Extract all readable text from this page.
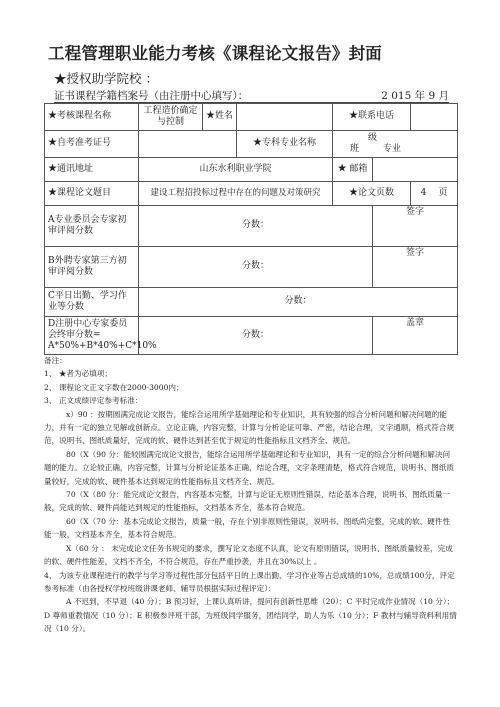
工程管理职业能力考核《课程论文报告》封面
★授权助学院校 ：
证书课程学籍档案号（由注册中心填写）：	2 015 年 9 月
★考核课程名称	工程造价确定与控制	★姓名		★联系电话		
★自考准考证号			★专科专业名称	级
班 专业		

★通讯地址	山东水利职业学院			★ 邮箱		
★课程论文题目	建设工程招投标过程中存在的问题及对策研究			★论文页数		4 页
A专业委员会专家初审评阅分数	分数：				签字	
B外聘专家第三方初审评阅分数	分数：				签字	
C平日出勤、学习作业等分数	分数：					
D注册中心专家委员会终审分数= A*50%+B*40%+C*10%	分数：				盖章	

备注：

1、 ★者为必填项；

2、 课程论文正文字数在2000-3000内；

3、 正文成绩评定参考标准：

x）90 ：按期圆满完成论文报告，能综合运用所学基础理论和专业知识，具有较强的综合分析问题和解决问题的能力，并有一定的独立见解或创新点。立论正确，内容完整，计算与分析论证可靠、严密，结论合理，文字通顺，格式符合规范，说明书、图纸质量好，完成的软、硬件达到甚至优于规定的性能指标且文档齐全、规范。

80（X（90 分：能较圆满完成论文报告，能综合运用所学基础理论和专业知识，具有一定的综合分析问题和解决问题的能力。立论较正确，内容完整，计算与分析论证基本正确，结论合理，文字条理清楚，格式符合规范，说明书、图纸质量较好，完成的软、硬件基本达到规定的性能指标且文档齐全、规范。

70（X（80 分：能完成论文报告，内容基本完整，计算与论证无原则性错误，结论基本合理，说明书、图纸质量一般，完成的软、硬件尚能达到规定的性能指标，文档基本齐全，基本符合规范。

60（X（70 分：基本完成论文报告，质量一般，存在个别非原则性错误，说明书、图纸尚完整，完成的软、硬件性能一般，文档基本齐全，基本符合规范。

X（60 分 ： 未完成论文任务书规定的要求，撰写论文态度不认真，论文有原则错误，说明书、图纸质量较差，完成的软、硬件性能差，文档不齐全，不符合规范，存在严重抄袭，并且在30%以上 。

4、 为该专业课程进行的教学与学习等过程性部分包括平日的上课出勤、学习作业等占总成绩的10%，总成绩100分，评定参考标准（由各授权学校班级讲课老师、辅导员根据实际过程评定）：

A 不迟到，不早退（40 分）；B 预习好，上课认真听讲，提问有创新性思维（20）；C 平时完成作业情况（10 分）；D 尊师重教情况（10 分）；E 积极参评班干部，为班级同学服务，团结同学，助人为乐（10 分）；F 教材与辅导资料利用情况（10 分）。
